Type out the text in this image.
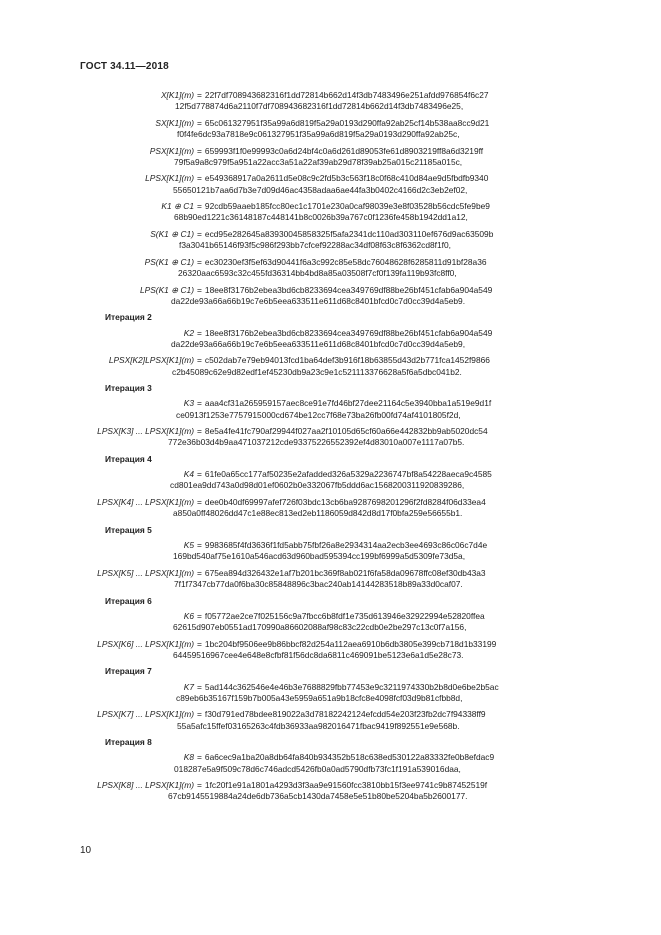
ГОСТ 34.11—2018
X[K1](m) = 22f7df708943682316f1dd72814b662d14f3db7483496e251afdd976854f6c27
12f5d778874d6a2110f7df708943682316f1dd72814b662d14f3db7483496e25,
SX[K1](m) = 65c061327951f35a99a6d819f5a29a0193d290ffa92ab25cf14b538aa8cc9d21
f0f4fe6dc93a7818e9c061327951f35a99a6d819f5a29a0193d290ffa92ab25c,
PSX[K1](m) = 659993f1f0e99993c0a6d24bf4c0a6d261d89053fe61d8903219ff8a6d3219ff
79f5a9a8c979f5a951a22acc3a51a22af39ab29d78f39ab25a015c21185a015c,
LPSX[K1](m) = e549368917a0a2611d5e08c9c2fd5b3c563f18c0f68c410d84ae9d5fbdfb9340
55650121b7aa6d7b3e7d09d46ac4358adaa6ae44fa3b0402c4166d2c3eb2ef02,
K1 ⊕ C1 = 92cdb59aaeb185fcc80ec1c1701e230a0caf98039e3e8f03528b56cdc5fe9be9
68b90ed1221c36148187c448141b8c0026b39a767c0f1236fe458b1942dd1a12,
S(K1 ⊕ C1) = ecd95e282645a83930045858325f5afa2341dc110ad303110ef676d9ac63509b
f3a3041b65146f93f5c986f293bb7cfcef92288ac34df08f63c8f6362cd8f1f0,
PS(K1 ⊕ C1) = ec30230ef3f5ef63d90441f6a3c992c85e58dc76048628f6285811d91bf28a36
26320aac6593c32c455fd36314bb4bd8a85a03508f7cf0f139fa119b93fc8ff0,
LPS(K1 ⊕ C1) = 18ee8f3176b2ebea3bd6cb8233694cea349769df88be26bf451cfab6a904a549
da22de93a66a66b19c7e6b5eea633511e611d68c8401bfcd0c7d0cc39d4a5eb9.
Итерация 2
K2 = 18ee8f3176b2ebea3bd6cb8233694cea349769df88be26bf451cfab6a904a549
da22de93a66a66b19c7e6b5eea633511e611d68c8401bfcd0c7d0cc39d4a5eb9,
LPSX[K2]LPSX[K1](m) = c502dab7e79eb94013fcd1ba64def3b916f18b63855d43d2b771fca1452f9866
c2b45089c62e9d82edf1ef45230db9a23c9e1c521113376628a5f6a5dbc041b2.
Итерация 3
K3 = aaa4cf31a265959157aec8ce91e7fd46bf27dee21164c5e3940bba1a519e9d1f
ce0913f1253e7757915000cd674be12cc7f68e73ba26fb00fd74af4101805f2d,
LPSX[K3] ... LPSX[K1](m) = 8e5a4fe41fc790af29944f027aa2f10105d65cf60a66e442832bb9ab5020dc54
772e36b03d4b9aa471037212cde93375226552392ef4d83010a007e1117a07b5.
Итерация 4
K4 = 61fe0a65cc177af50235e2afadded326a5329a2236747bf8a54228aeca9c4585
cd801ea9dd743a0d98d01ef0602b0e332067fb5ddd6ac1568200311920839286,
LPSX[K4] ... LPSX[K1](m) = dee0b40df69997afef726f03bdc13cb6ba9287698201296f2fd8284f06d33ea4
a850a0ff48026dd47c1e88ec813ed2eb1186059d842d8d17f0bfa259e56655b1.
Итерация 5
K5 = 9983685f4fd3636f1fd5abb75fbf26a8e2934314aa2ecb3ee4693c86c06c7d4e
169bd540af75e1610a546acd63d960bad595394cc199bf6999a5d5309fe73d5a,
LPSX[K5] ... LPSX[K1](m) = 675ea894d326432e1af7b201bc369f8ab021f6fa58da09678ffc08ef30db43a3
7f1f7347cb77da0f6ba30c85848896c3bac240ab14144283518b89a33d0caf07.
Итерация 6
K6 = f05772ae2ce7f025156c9a7fbcc6b8fdf1e735d613946e32922994e52820ffea
62615d907eb0551ad170990a86602088af98c83c22cdb0e2be297c13c0f7a156,
LPSX[K6] ... LPSX[K1](m) = 1bc204bf9506ee9b86bbcf82d254a112aea6910b6db3805e399cb718d1b33199
64459516967cee4e648e8cfbf81f56dc8da6811c469091be5123e6a1d5e28c73.
Итерация 7
K7 = 5ad144c362546e4e46b3e7688829fbb77453e9c3211974330b2b8d0e6be2b5ac
c89eb6b35167f159b7b005a43e5959a651a9b18cfc8e4098fcf03d9b81cfbb8d,
LPSX[K7] ... LPSX[K1](m) = f30d791ed78bdee819022a3d78182242124efcdd54e203f23fb2dc7f94338ff9
55a5afc15ffef03165263c4fdb36933aa982016471fbac9419f892551e9e568b.
Итерация 8
K8 = 6a6cec9a1ba20a8db64fa840b934352b518c638ed530122a83332fe0b8efdac9
018287e5a9f509c78d6c746adcd5426fb0a0ad5790dfb73fc1f191a539016daa,
LPSX[K8] ... LPSX[K1](m) = 1fc20f1e91a1801a4293d3f3aa9e91560fcc3810bb15f3ee9741c9b87452519f
67cb9145519884a24de6db736a5cb1430da7458e5e51b80be5204ba5b2600177.
10
